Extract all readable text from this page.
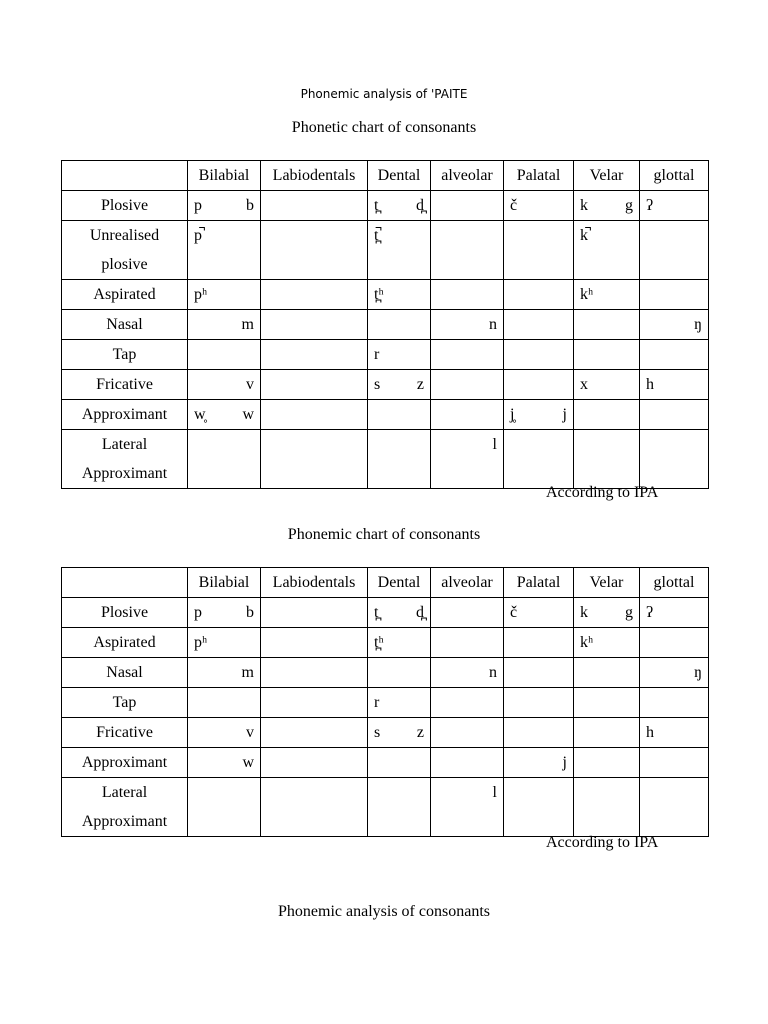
Phonemic analysis of 'PAITE
Phonetic chart of consonants
	Bilabial	Labiodentals	Dental	alveolar	Palatal	Velar	glottal
Plosive	p b		t̪ d̪		č	k g	ʔ

Unrealised plosive	p̚		t̪̚			k̚	

Aspirated	pʰ		t̪ʰ			kʰ	

Nasal	m			n			ŋ

Tap			r				

Fricative	v		s z			x	h

Approximant	w̥ w				j̥ j		

Lateral Approximant				l			

According to IPA
Phonemic chart of consonants
	Bilabial	Labiodentals	Dental	alveolar	Palatal	Velar	glottal
Plosive	p b		t̪ d̪		č	k g	ʔ

Aspirated	pʰ		t̪ʰ			kʰ	

Nasal	m			n			ŋ

Tap			r				

Fricative	v		s z				h

Approximant	w				j		

Lateral Approximant				l			

According to IPA
Phonemic analysis of consonants
